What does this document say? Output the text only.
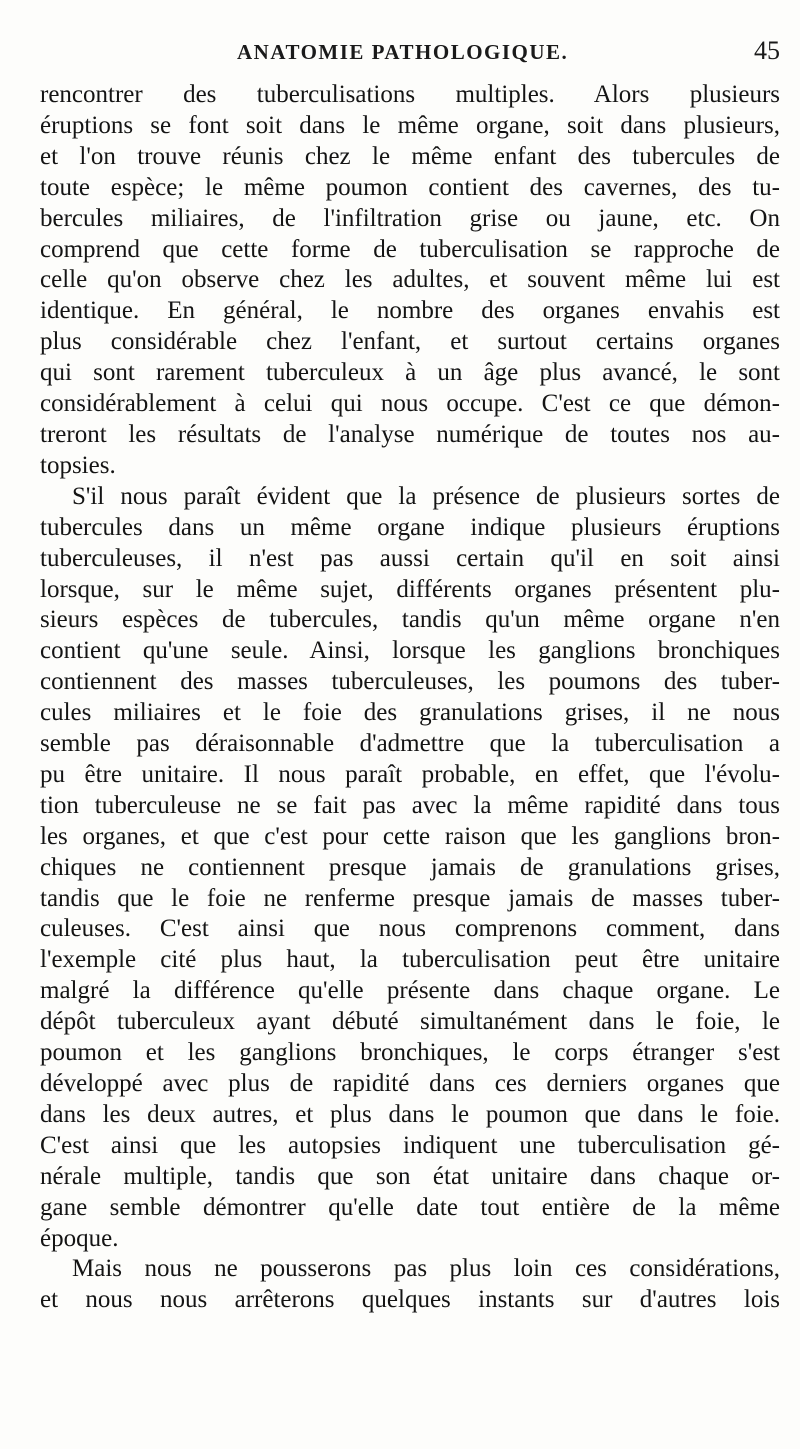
ANATOMIE PATHOLOGIQUE.	45

rencontrer des tuberculisations multiples. Alors plusieurs
éruptions se font soit dans le même organe, soit dans plusieurs,
et l'on trouve réunis chez le même enfant des tubercules de
toute espèce; le même poumon contient des cavernes, des tu-
bercules miliaires, de l'infiltration grise ou jaune, etc. On
comprend que cette forme de tuberculisation se rapproche de
celle qu'on observe chez les adultes, et souvent même lui est
identique. En général, le nombre des organes envahis est
plus considérable chez l'enfant, et surtout certains organes
qui sont rarement tuberculeux à un âge plus avancé, le sont
considérablement à celui qui nous occupe. C'est ce que démon-
treront les résultats de l'analyse numérique de toutes nos au-
topsies.

S'il nous paraît évident que la présence de plusieurs sortes de
tubercules dans un même organe indique plusieurs éruptions
tuberculeuses, il n'est pas aussi certain qu'il en soit ainsi
lorsque, sur le même sujet, différents organes présentent plu-
sieurs espèces de tubercules, tandis qu'un même organe n'en
contient qu'une seule. Ainsi, lorsque les ganglions bronchiques
contiennent des masses tuberculeuses, les poumons des tuber-
cules miliaires et le foie des granulations grises, il ne nous
semble pas déraisonnable d'admettre que la tuberculisation a
pu être unitaire. Il nous paraît probable, en effet, que l'évolu-
tion tuberculeuse ne se fait pas avec la même rapidité dans tous
les organes, et que c'est pour cette raison que les ganglions bron-
chiques ne contiennent presque jamais de granulations grises,
tandis que le foie ne renferme presque jamais de masses tuber-
culeuses. C'est ainsi que nous comprenons comment, dans
l'exemple cité plus haut, la tuberculisation peut être unitaire
malgré la différence qu'elle présente dans chaque organe. Le
dépôt tuberculeux ayant débuté simultanément dans le foie, le
poumon et les ganglions bronchiques, le corps étranger s'est
développé avec plus de rapidité dans ces derniers organes que
dans les deux autres, et plus dans le poumon que dans le foie.
C'est ainsi que les autopsies indiquent une tuberculisation gé-
nérale multiple, tandis que son état unitaire dans chaque or-
gane semble démontrer qu'elle date tout entière de la même
époque.

Mais nous ne pousserons pas plus loin ces considérations,
et nous nous arrêterons quelques instants sur d'autres lois
